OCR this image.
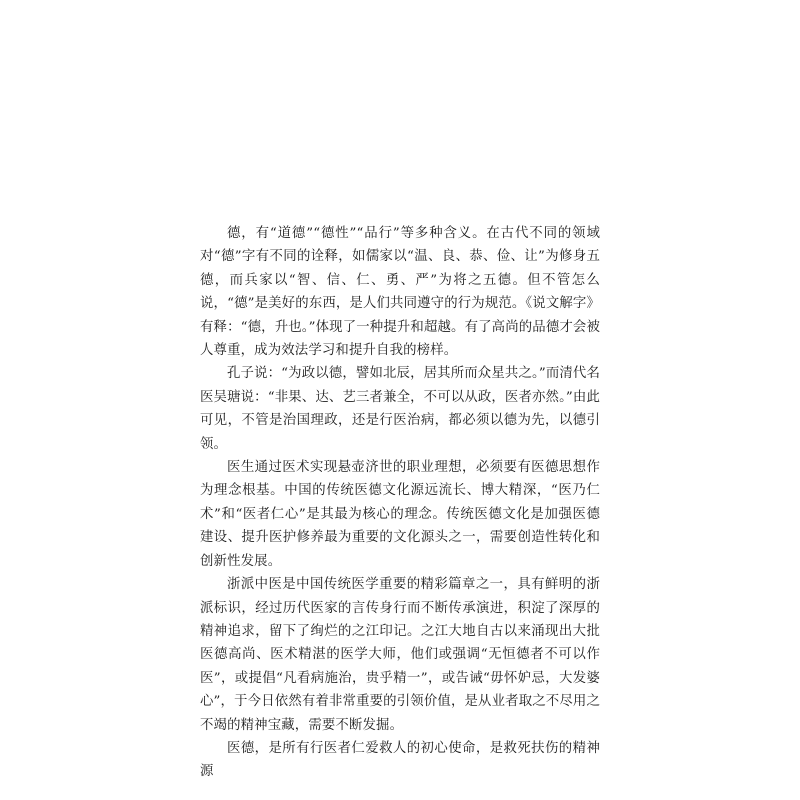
德，有“道德”“德性”“品行”等多种含义。在古代不同的领域对“德”字有不同的诠释，如儒家以“温、良、恭、俭、让”为修身五德，而兵家以“智、信、仁、勇、严”为将之五德。但不管怎么说，“德”是美好的东西，是人们共同遵守的行为规范。《说文解字》有释：“德，升也。”体现了一种提升和超越。有了高尚的品德才会被人尊重，成为效法学习和提升自我的榜样。

孔子说：“为政以德，譬如北辰，居其所而众星共之。”而清代名医吴瑭说：“非果、达、艺三者兼全，不可以从政，医者亦然。”由此可见，不管是治国理政，还是行医治病，都必须以德为先，以德引领。

医生通过医术实现悬壶济世的职业理想，必须要有医德思想作为理念根基。中国的传统医德文化源远流长、博大精深，“医乃仁术”和“医者仁心”是其最为核心的理念。传统医德文化是加强医德建设、提升医护修养最为重要的文化源头之一，需要创造性转化和创新性发展。

浙派中医是中国传统医学重要的精彩篇章之一，具有鲜明的浙派标识，经过历代医家的言传身行而不断传承演进，积淀了深厚的精神追求，留下了绚烂的之江印记。之江大地自古以来涌现出大批医德高尚、医术精湛的医学大师，他们或强调“无恒德者不可以作医”，或提倡“凡看病施治，贵乎精一”，或告诫“毋怀妒忌，大发婆心”，于今日依然有着非常重要的引领价值，是从业者取之不尽用之不竭的精神宝藏，需要不断发掘。

医德，是所有行医者仁爱救人的初心使命，是救死扶伤的精神源
